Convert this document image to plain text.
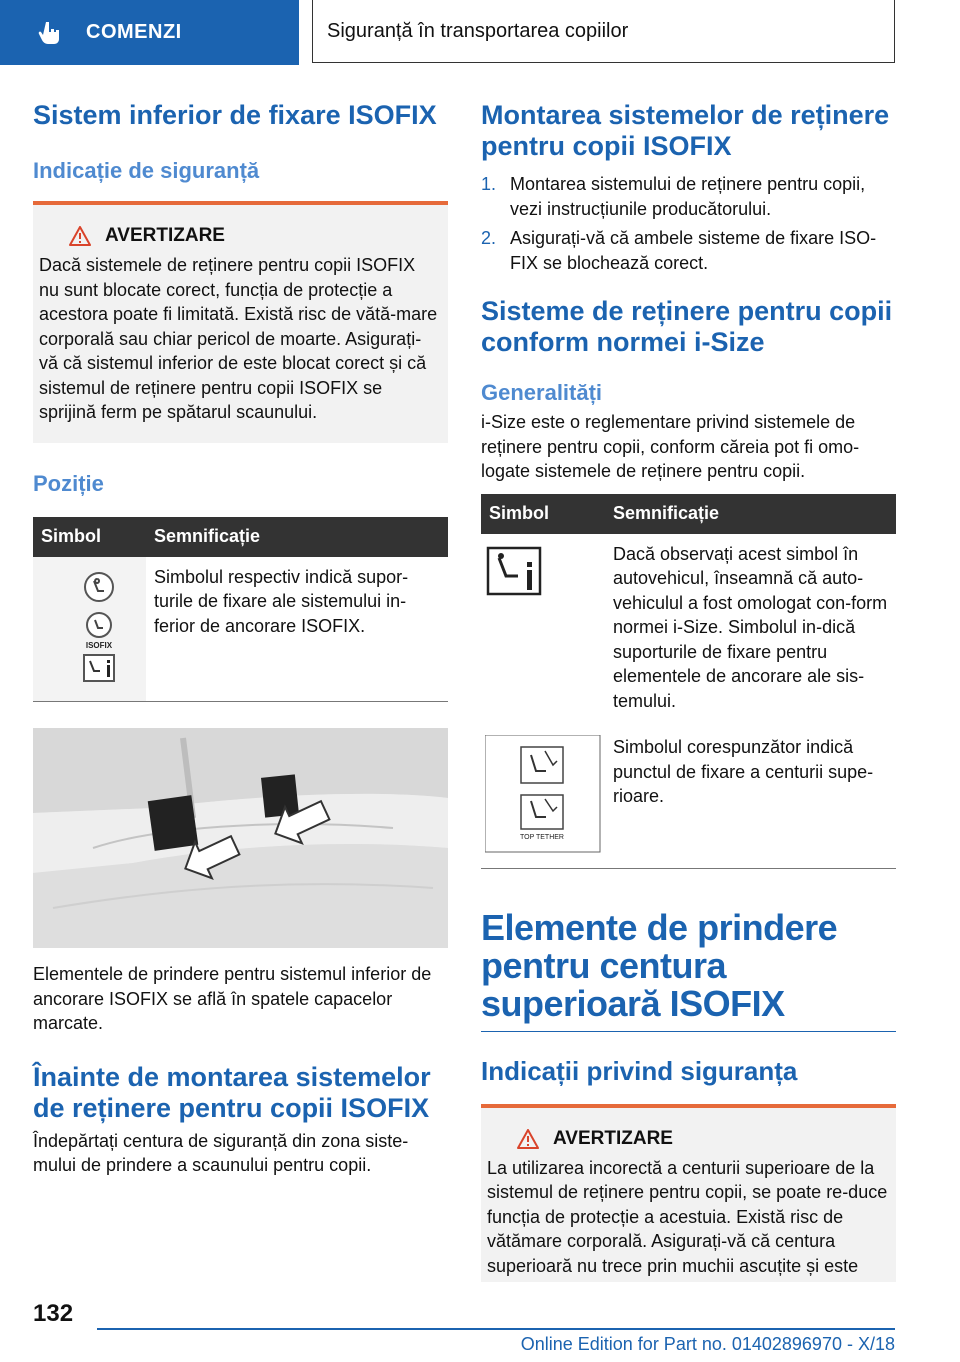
COMENZI	Siguranță în transportarea copiilor
Sistem inferior de fixare ISOFIX
Indicație de siguranță
AVERTIZARE

Dacă sistemele de reținere pentru copii ISOFIX nu sunt blocate corect, funcția de protecție a acestora poate fi limitată. Există risc de vătă-mare corporală sau chiar pericol de moarte. Asigurați-vă că sistemul inferior de este blocat corect și că sistemul de reținere pentru copii ISOFIX se sprijină ferm pe spătarul scaunului.

Poziție
Simbol	Semnificație

ISOFIX	Simbolul respectiv indică supor-turile de fixare ale sistemului in-ferior de ancorare ISOFIX.

Elementele de prindere pentru sistemul inferior de ancorare ISOFIX se află în spatele capacelor marcate.

Înainte de montarea sistemelor de reținere pentru copii ISOFIX

Îndepărtați centura de siguranță din zona siste-mului de prindere a scaunului pentru copii.

Montarea sistemelor de reținere pentru copii ISOFIX
1. Montarea sistemului de reținere pentru copii, vezi instrucțiunile producătorului.
2. Asigurați-vă că ambele sisteme de fixare ISO-FIX se blochează corect.
Sisteme de reținere pentru copii conform normei i-Size
Generalități

i-Size este o reglementare privind sistemele de reținere pentru copii, conform căreia pot fi omo-logate sistemele de reținere pentru copii.

Simbol	Semnificație
	Dacă observați acest simbol în autovehicul, înseamnă că auto-vehiculul a fost omologat con-form normei i-Size. Simbolul in-dică suporturile de fixare pentru elementele de ancorare ale sis-temului.

TOP TETHER	Simbolul corespunzător indică punctul de fixare a centurii supe-rioare.
Elemente de prindere pentru centura superioară ISOFIX
Indicații privind siguranța
AVERTIZARE

La utilizarea incorectă a centurii superioare de la sistemul de reținere pentru copii, se poate re-duce funcția de protecție a acestuia. Există risc de vătămare corporală. Asigurați-vă că centura superioară nu trece prin muchii ascuțite și este

132
Online Edition for Part no. 01402896970 - X/18
